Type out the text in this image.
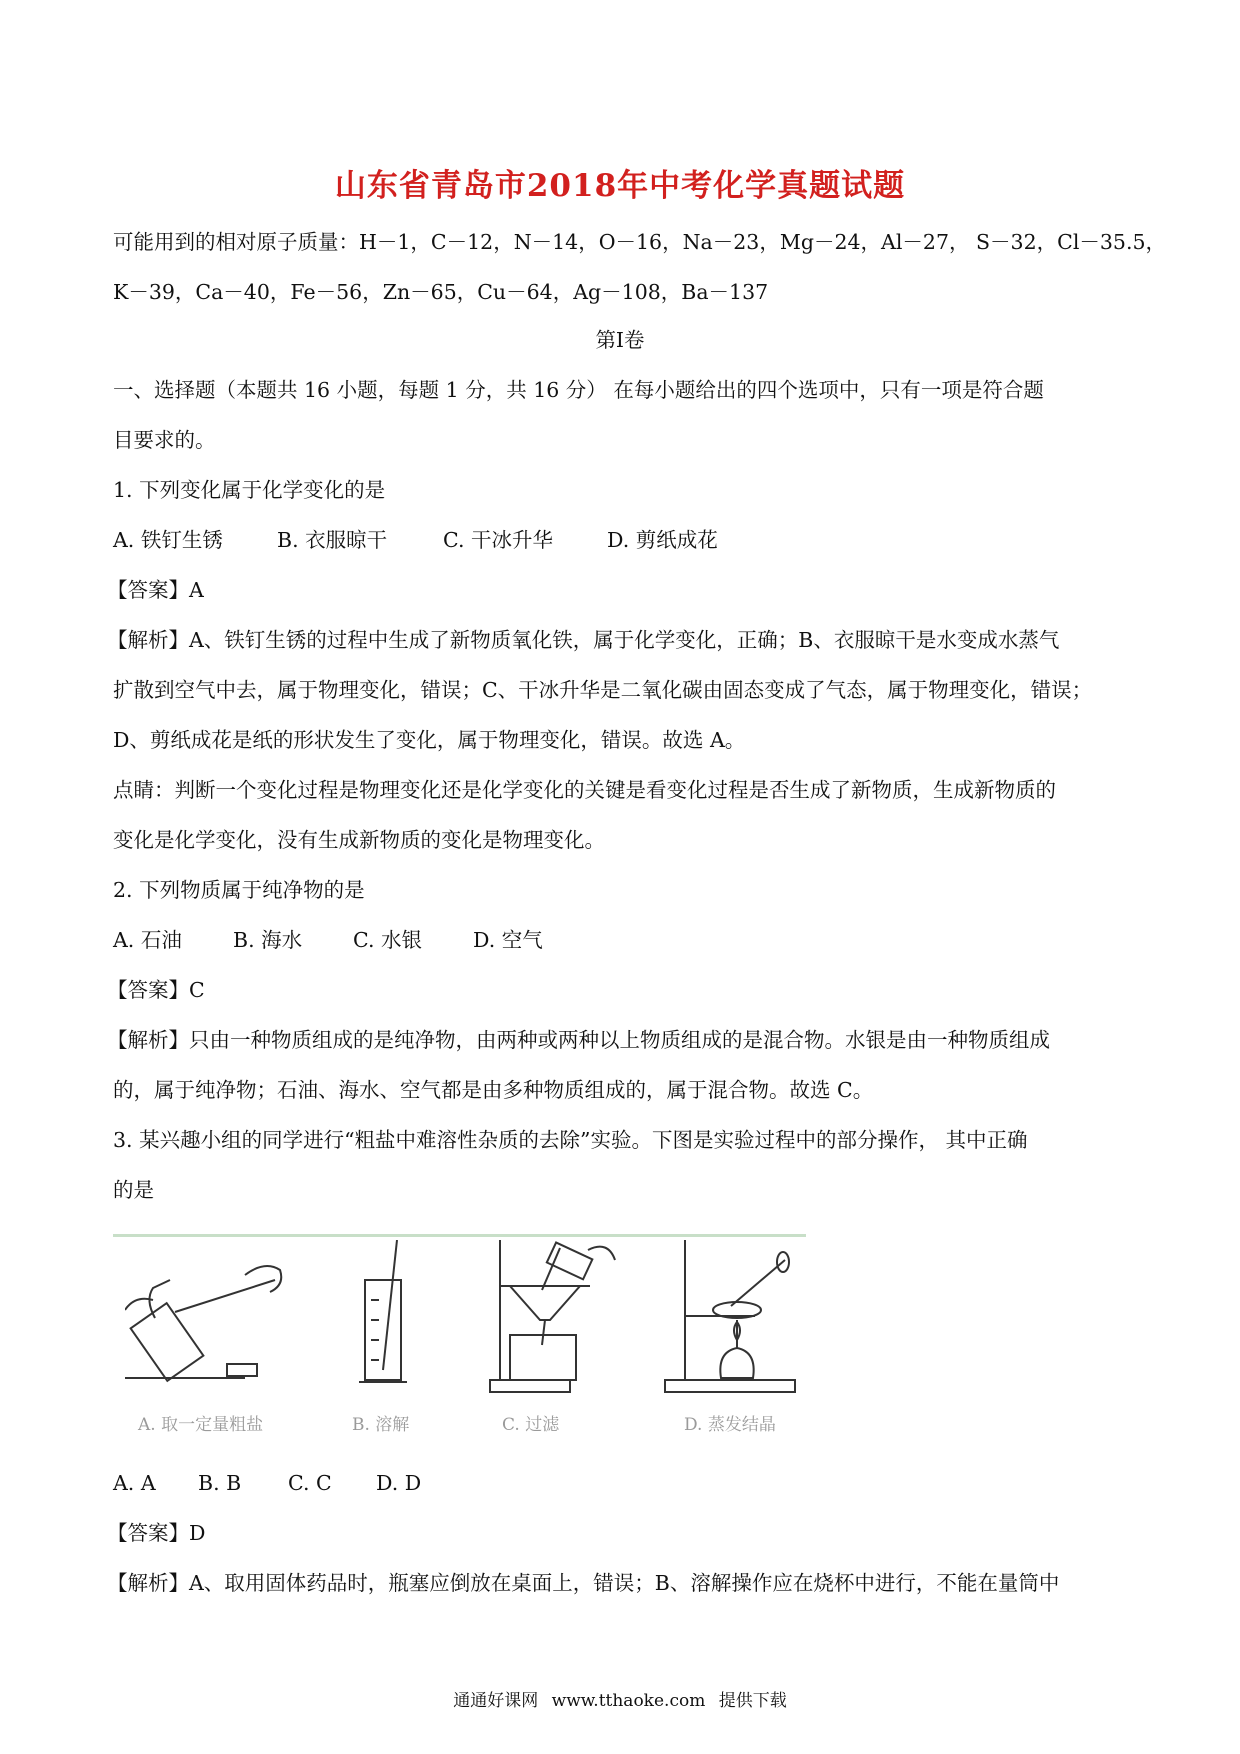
山东省青岛市2018年中考化学真题试题
可能用到的相对原子质量：H－1，C－12，N－14，O－16，Na－23，Mg－24，Al－27， S－32，Cl－35.5，
K－39，Ca－40，Fe－56，Zn－65，Cu－64，Ag－108，Ba－137
第Ⅰ卷
一、选择题（本题共 16 小题，每题 1 分，共 16 分） 在每小题给出的四个选项中，只有一项是符合题
目要求的。
1. 下列变化属于化学变化的是
A. 铁钉生锈	B. 衣服晾干	C. 干冰升华	D. 剪纸成花
【答案】A
【解析】A、铁钉生锈的过程中生成了新物质氧化铁，属于化学变化，正确；B、衣服晾干是水变成水蒸气
扩散到空气中去，属于物理变化，错误；C、干冰升华是二氧化碳由固态变成了气态，属于物理变化，错误；
D、剪纸成花是纸的形状发生了变化，属于物理变化，错误。故选 A。
点睛：判断一个变化过程是物理变化还是化学变化的关键是看变化过程是否生成了新物质，生成新物质的
变化是化学变化，没有生成新物质的变化是物理变化。
2. 下列物质属于纯净物的是
A. 石油 B. 海水 C. 水银 D. 空气
【答案】C
【解析】只由一种物质组成的是纯净物，由两种或两种以上物质组成的是混合物。水银是由一种物质组成
的，属于纯净物；石油、海水、空气都是由多种物质组成的，属于混合物。故选 C。
3. 某兴趣小组的同学进行“粗盐中难溶性杂质的去除”实验。下图是实验过程中的部分操作， 其中正确
的是
A. 取一定量粗盐	B. 溶解	C. 过滤	D. 蒸发结晶
A. A B. B C. C D. D
【答案】D
【解析】A、取用固体药品时，瓶塞应倒放在桌面上，错误；B、溶解操作应在烧杯中进行，不能在量筒中
通通好课网 www.tthaoke.com 提供下载
